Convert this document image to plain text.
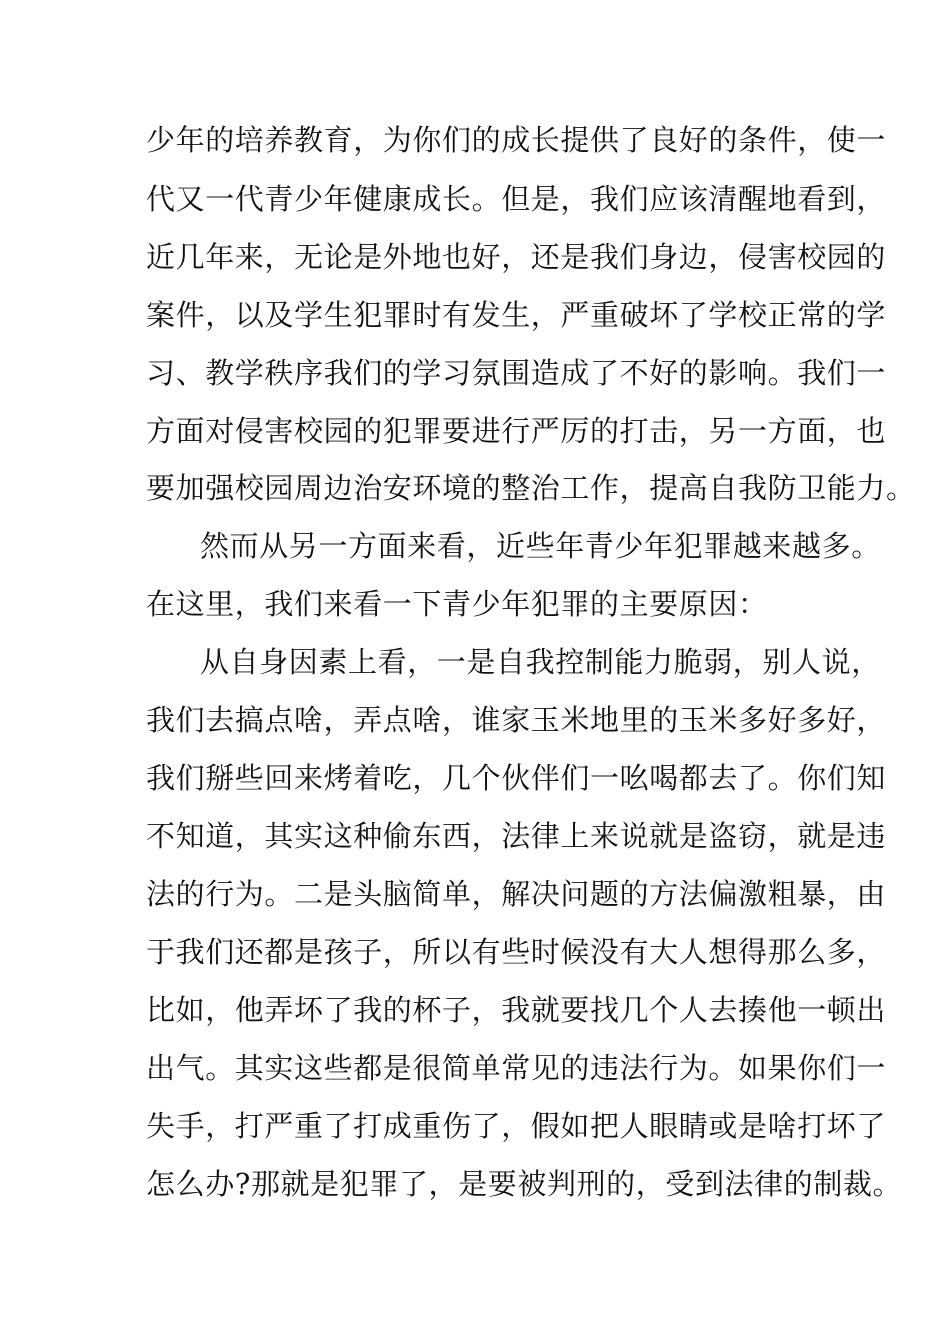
少年的培养教育，为你们的成长提供了良好的条件，使一
代又一代青少年健康成长。但是，我们应该清醒地看到，
近几年来，无论是外地也好，还是我们身边，侵害校园的
案件，以及学生犯罪时有发生，严重破坏了学校正常的学
习、教学秩序我们的学习氛围造成了不好的影响。我们一
方面对侵害校园的犯罪要进行严厉的打击，另一方面，也
要加强校园周边治安环境的整治工作，提高自我防卫能力。
然而从另一方面来看，近些年青少年犯罪越来越多。
在这里，我们来看一下青少年犯罪的主要原因：
从自身因素上看，一是自我控制能力脆弱，别人说，
我们去搞点啥，弄点啥，谁家玉米地里的玉米多好多好，
我们掰些回来烤着吃，几个伙伴们一吆喝都去了。你们知
不知道，其实这种偷东西，法律上来说就是盗窃，就是违
法的行为。二是头脑简单，解决问题的方法偏激粗暴，由
于我们还都是孩子，所以有些时候没有大人想得那么多，
比如，他弄坏了我的杯子，我就要找几个人去揍他一顿出
出气。其实这些都是很简单常见的违法行为。如果你们一
失手，打严重了打成重伤了，假如把人眼睛或是啥打坏了
怎么办?那就是犯罪了，是要被判刑的，受到法律的制裁。
